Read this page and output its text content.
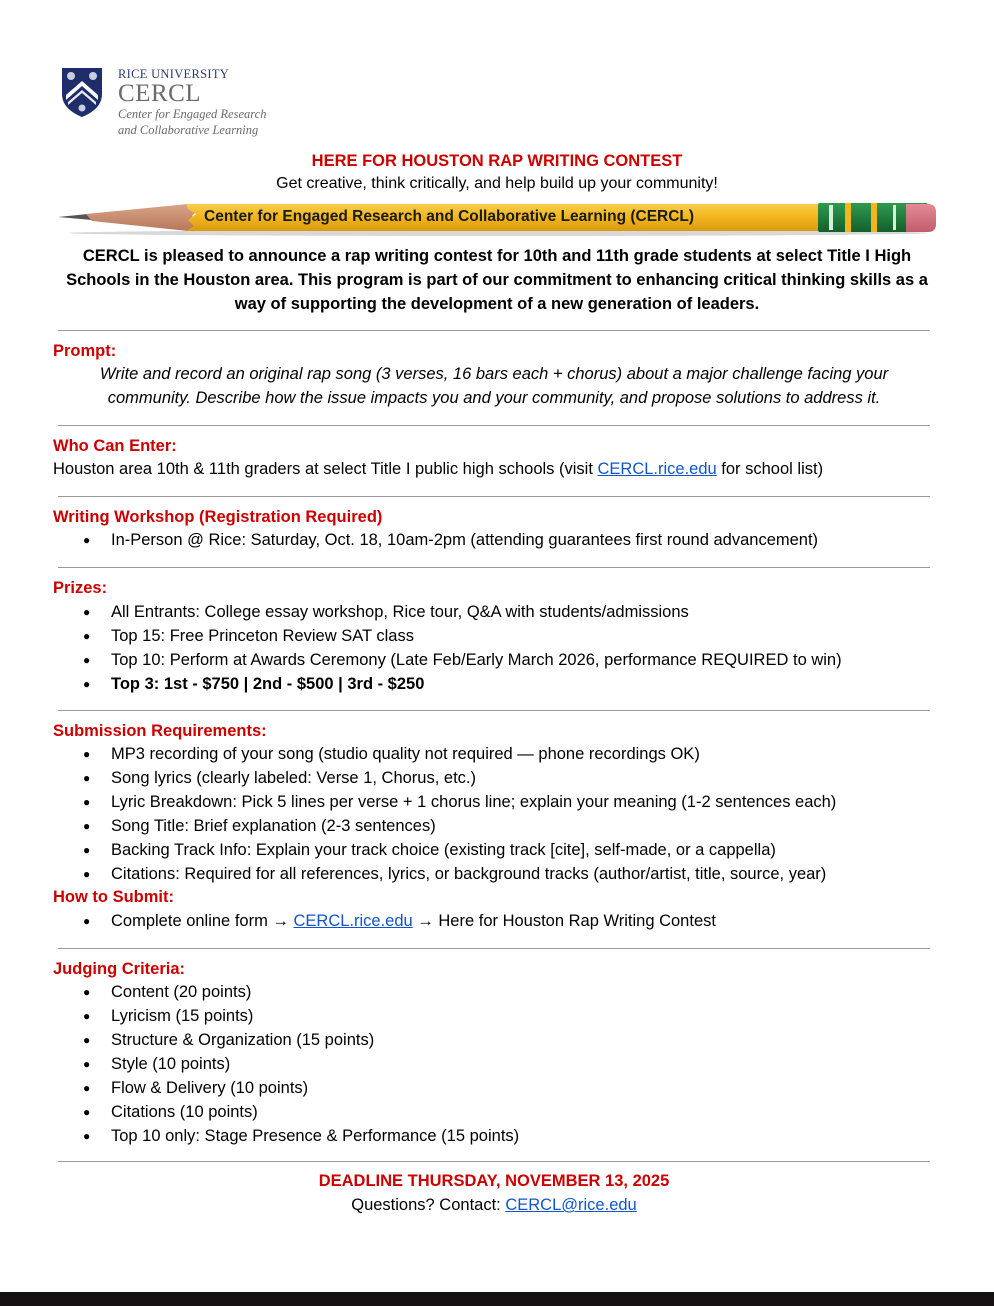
RICE UNIVERSITY
CERCL
Center for Engaged Research
and Collaborative Learning
HERE FOR HOUSTON RAP WRITING CONTEST
Get creative, think critically, and help build up your community!
Center for Engaged Research and Collaborative Learning (CERCL)
CERCL is pleased to announce a rap writing contest for 10th and 11th grade students at select Title I High Schools in the Houston area. This program is part of our commitment to enhancing critical thinking skills as a way of supporting the development of a new generation of leaders.
Prompt:
Write and record an original rap song (3 verses, 16 bars each + chorus) about a major challenge facing your community. Describe how the issue impacts you and your community, and propose solutions to address it.
Who Can Enter:
Houston area 10th & 11th graders at select Title I public high schools (visit CERCL.rice.edu for school list)
Writing Workshop (Registration Required)
● In-Person @ Rice: Saturday, Oct. 18, 10am-2pm (attending guarantees first round advancement)
Prizes:
● All Entrants: College essay workshop, Rice tour, Q&A with students/admissions
● Top 15: Free Princeton Review SAT class
● Top 10: Perform at Awards Ceremony (Late Feb/Early March 2026, performance REQUIRED to win)
● Top 3: 1st - $750 | 2nd - $500 | 3rd - $250
Submission Requirements:
● MP3 recording of your song (studio quality not required — phone recordings OK)
● Song lyrics (clearly labeled: Verse 1, Chorus, etc.)
● Lyric Breakdown: Pick 5 lines per verse + 1 chorus line; explain your meaning (1-2 sentences each)
● Song Title: Brief explanation (2-3 sentences)
● Backing Track Info: Explain your track choice (existing track [cite], self-made, or a cappella)
● Citations: Required for all references, lyrics, or background tracks (author/artist, title, source, year)
How to Submit:
● Complete online form → CERCL.rice.edu → Here for Houston Rap Writing Contest
Judging Criteria:
● Content (20 points)
● Lyricism (15 points)
● Structure & Organization (15 points)
● Style (10 points)
● Flow & Delivery (10 points)
● Citations (10 points)
● Top 10 only: Stage Presence & Performance (15 points)
DEADLINE THURSDAY, NOVEMBER 13, 2025
Questions? Contact: CERCL@rice.edu
